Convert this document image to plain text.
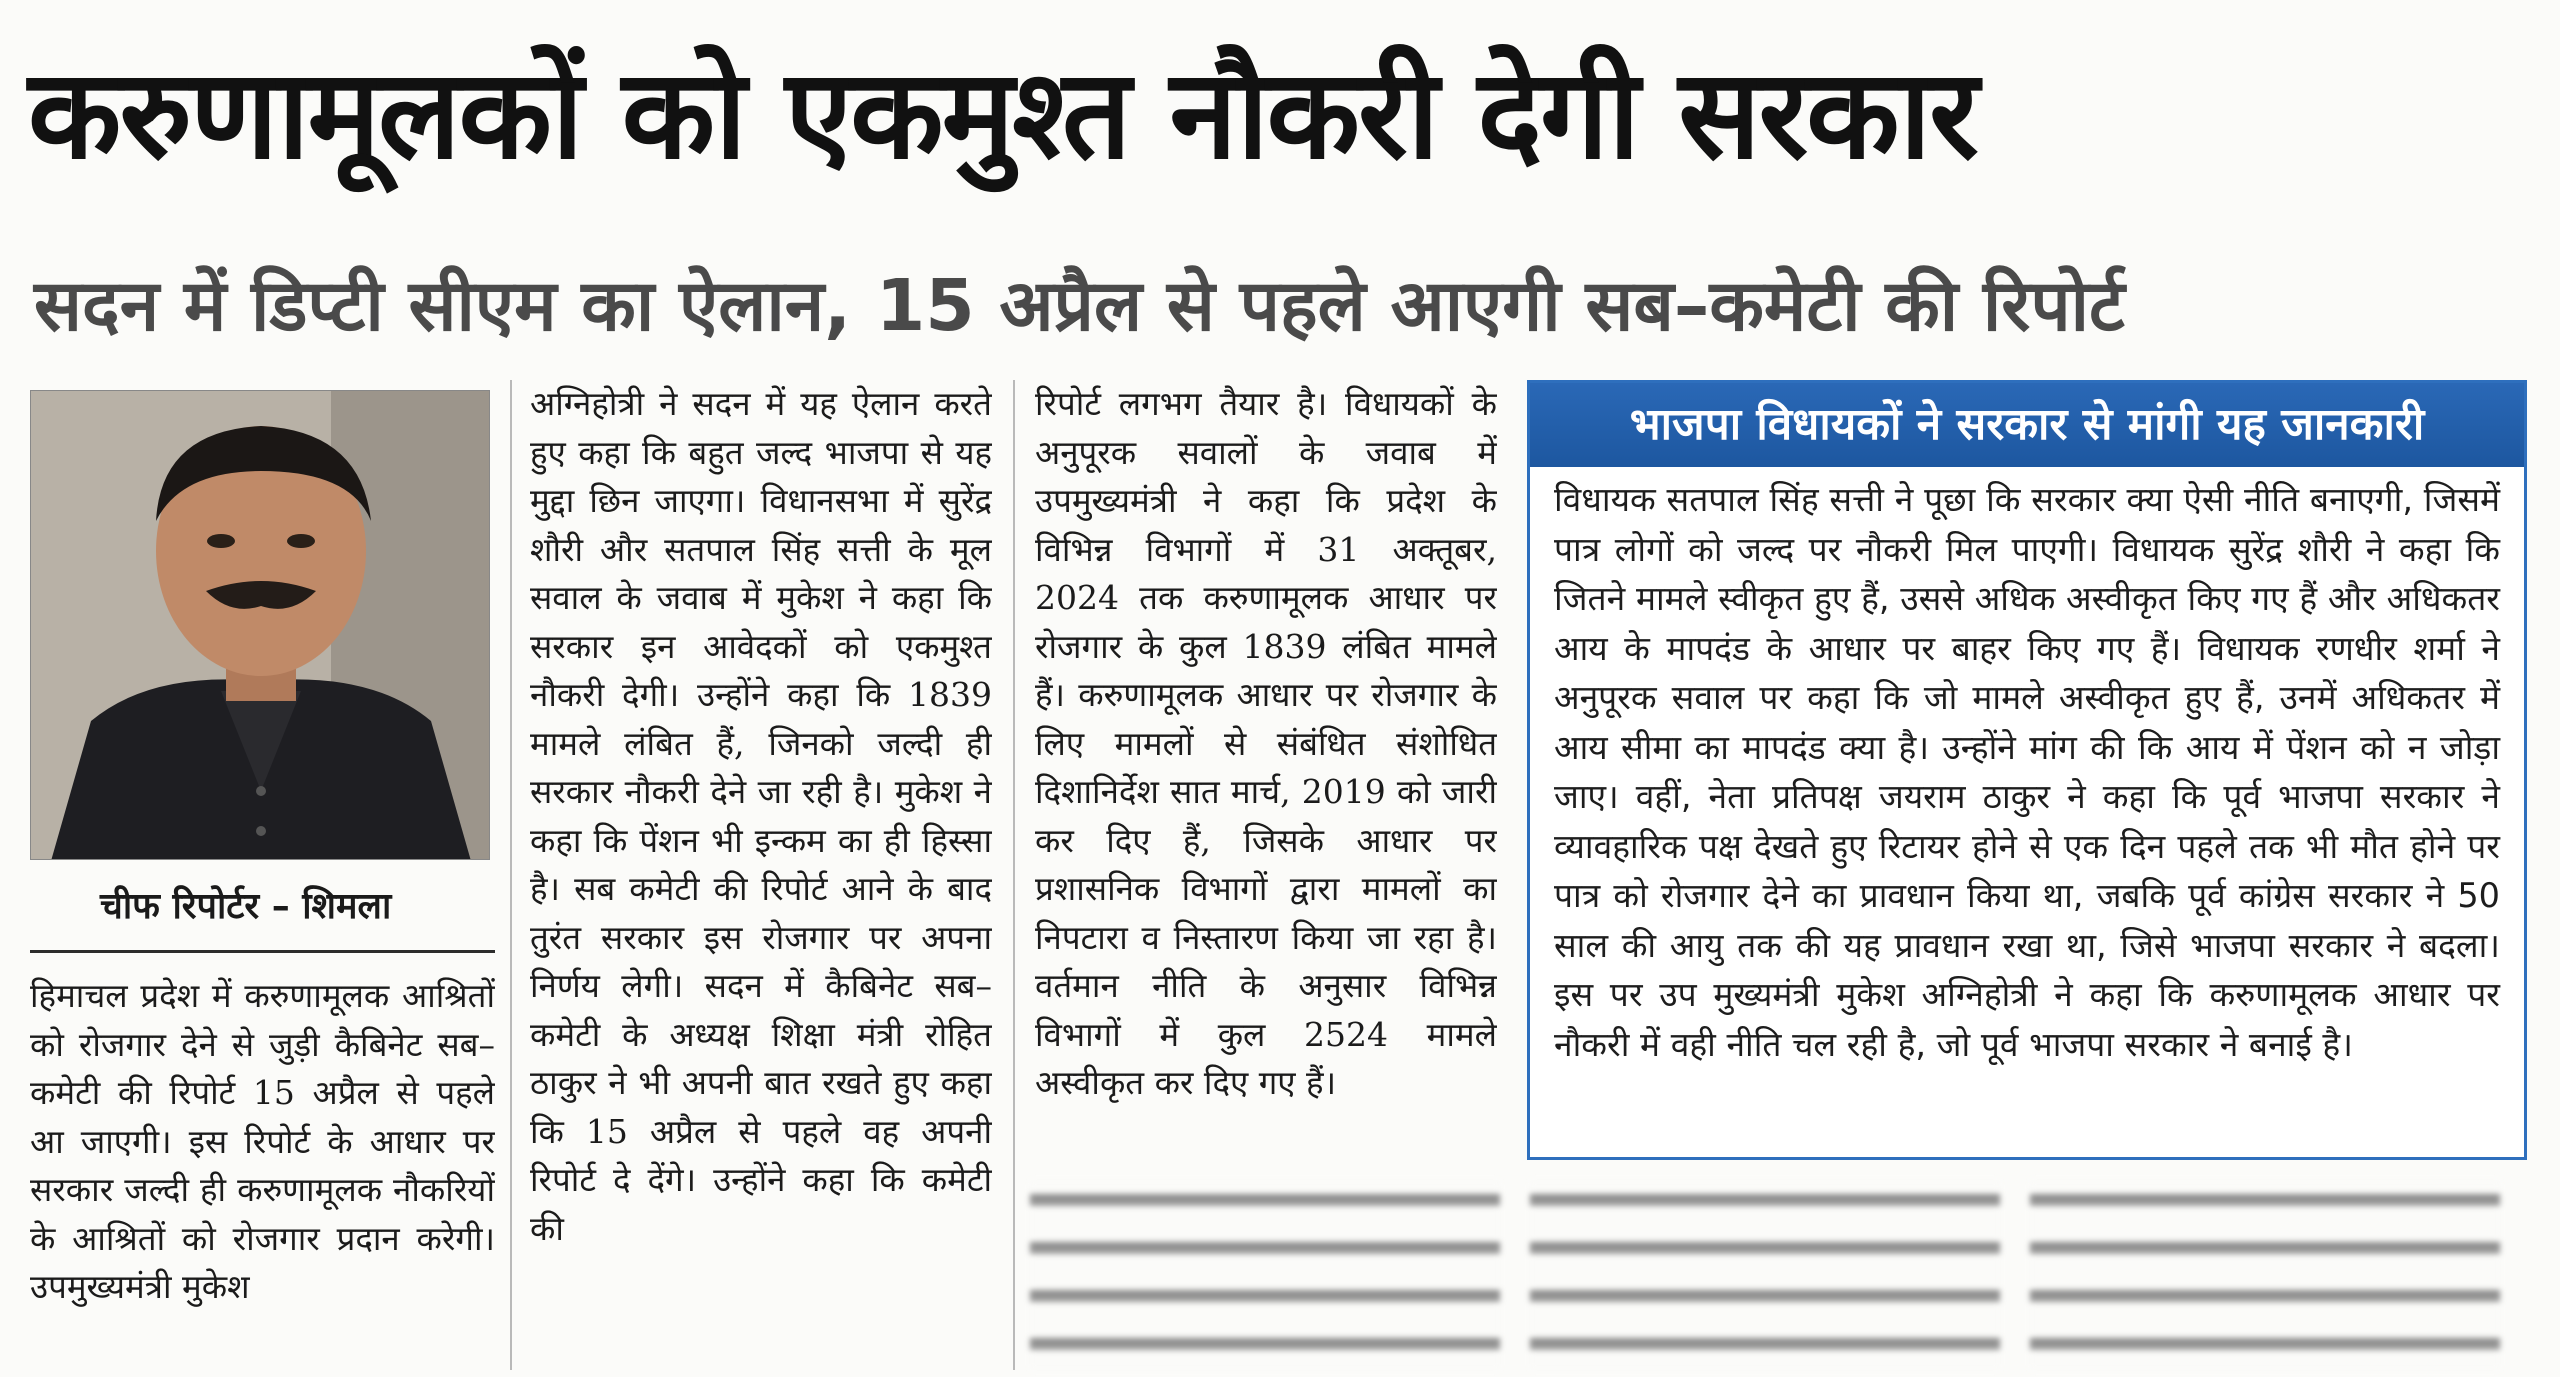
करुणामूलकों को एकमुश्त नौकरी देगी सरकार
सदन में डिप्टी सीएम का ऐलान, 15 अप्रैल से पहले आएगी सब–कमेटी की रिपोर्ट
चीफ रिपोर्टर – शिमला
हिमाचल प्रदेश में करुणामूलक आश्रितों को रोजगार देने से जुड़ी कैबिनेट सब–कमेटी की रिपोर्ट 15 अप्रैल से पहले आ जाएगी। इस रिपोर्ट के आधार पर सरकार जल्दी ही करुणामूलक नौकरियों के आश्रितों को रोजगार प्रदान करेगी। उपमुख्यमंत्री मुकेश
अग्निहोत्री ने सदन में यह ऐलान करते हुए कहा कि बहुत जल्द भाजपा से यह मुद्दा छिन जाएगा। विधानसभा में सुरेंद्र शौरी और सतपाल सिंह सत्ती के मूल सवाल के जवाब में मुकेश ने कहा कि सरकार इन आवेदकों को एकमुश्त नौकरी देगी। उन्होंने कहा कि 1839 मामले लंबित हैं, जिनको जल्दी ही सरकार नौकरी देने जा रही है। मुकेश ने कहा कि पेंशन भी इन्कम का ही हिस्सा है। सब कमेटी की रिपोर्ट आने के बाद तुरंत सरकार इस रोजगार पर अपना निर्णय लेगी। सदन में कैबिनेट सब–कमेटी के अध्यक्ष शिक्षा मंत्री रोहित ठाकुर ने भी अपनी बात रखते हुए कहा कि 15 अप्रैल से पहले वह अपनी रिपोर्ट दे देंगे। उन्होंने कहा कि कमेटी की
रिपोर्ट लगभग तैयार है। विधायकों के अनुपूरक सवालों के जवाब में उपमुख्यमंत्री ने कहा कि प्रदेश के विभिन्न विभागों में 31 अक्तूबर, 2024 तक करुणामूलक आधार पर रोजगार के कुल 1839 लंबित मामले हैं। करुणामूलक आधार पर रोजगार के लिए मामलों से संबंधित संशोधित दिशानिर्देश सात मार्च, 2019 को जारी कर दिए हैं, जिसके आधार पर प्रशासनिक विभागों द्वारा मामलों का निपटारा व निस्तारण किया जा रहा है। वर्तमान नीति के अनुसार विभिन्न विभागों में कुल 2524 मामले अस्वीकृत कर दिए गए हैं।
भाजपा विधायकों ने सरकार से मांगी यह जानकारी
विधायक सतपाल सिंह सत्ती ने पूछा कि सरकार क्या ऐसी नीति बनाएगी, जिसमें पात्र लोगों को जल्द पर नौकरी मिल पाएगी। विधायक सुरेंद्र शौरी ने कहा कि जितने मामले स्वीकृत हुए हैं, उससे अधिक अस्वीकृत किए गए हैं और अधिकतर आय के मापदंड के आधार पर बाहर किए गए हैं। विधायक रणधीर शर्मा ने अनुपूरक सवाल पर कहा कि जो मामले अस्वीकृत हुए हैं, उनमें अधिकतर में आय सीमा का मापदंड क्या है। उन्होंने मांग की कि आय में पेंशन को न जोड़ा जाए। वहीं, नेता प्रतिपक्ष जयराम ठाकुर ने कहा कि पूर्व भाजपा सरकार ने व्यावहारिक पक्ष देखते हुए रिटायर होने से एक दिन पहले तक भी मौत होने पर पात्र को रोजगार देने का प्रावधान किया था, जबकि पूर्व कांग्रेस सरकार ने 50 साल की आयु तक की यह प्रावधान रखा था, जिसे भाजपा सरकार ने बदला। इस पर उप मुख्यमंत्री मुकेश अग्निहोत्री ने कहा कि करुणामूलक आधार पर नौकरी में वही नीति चल रही है, जो पूर्व भाजपा सरकार ने बनाई है।
